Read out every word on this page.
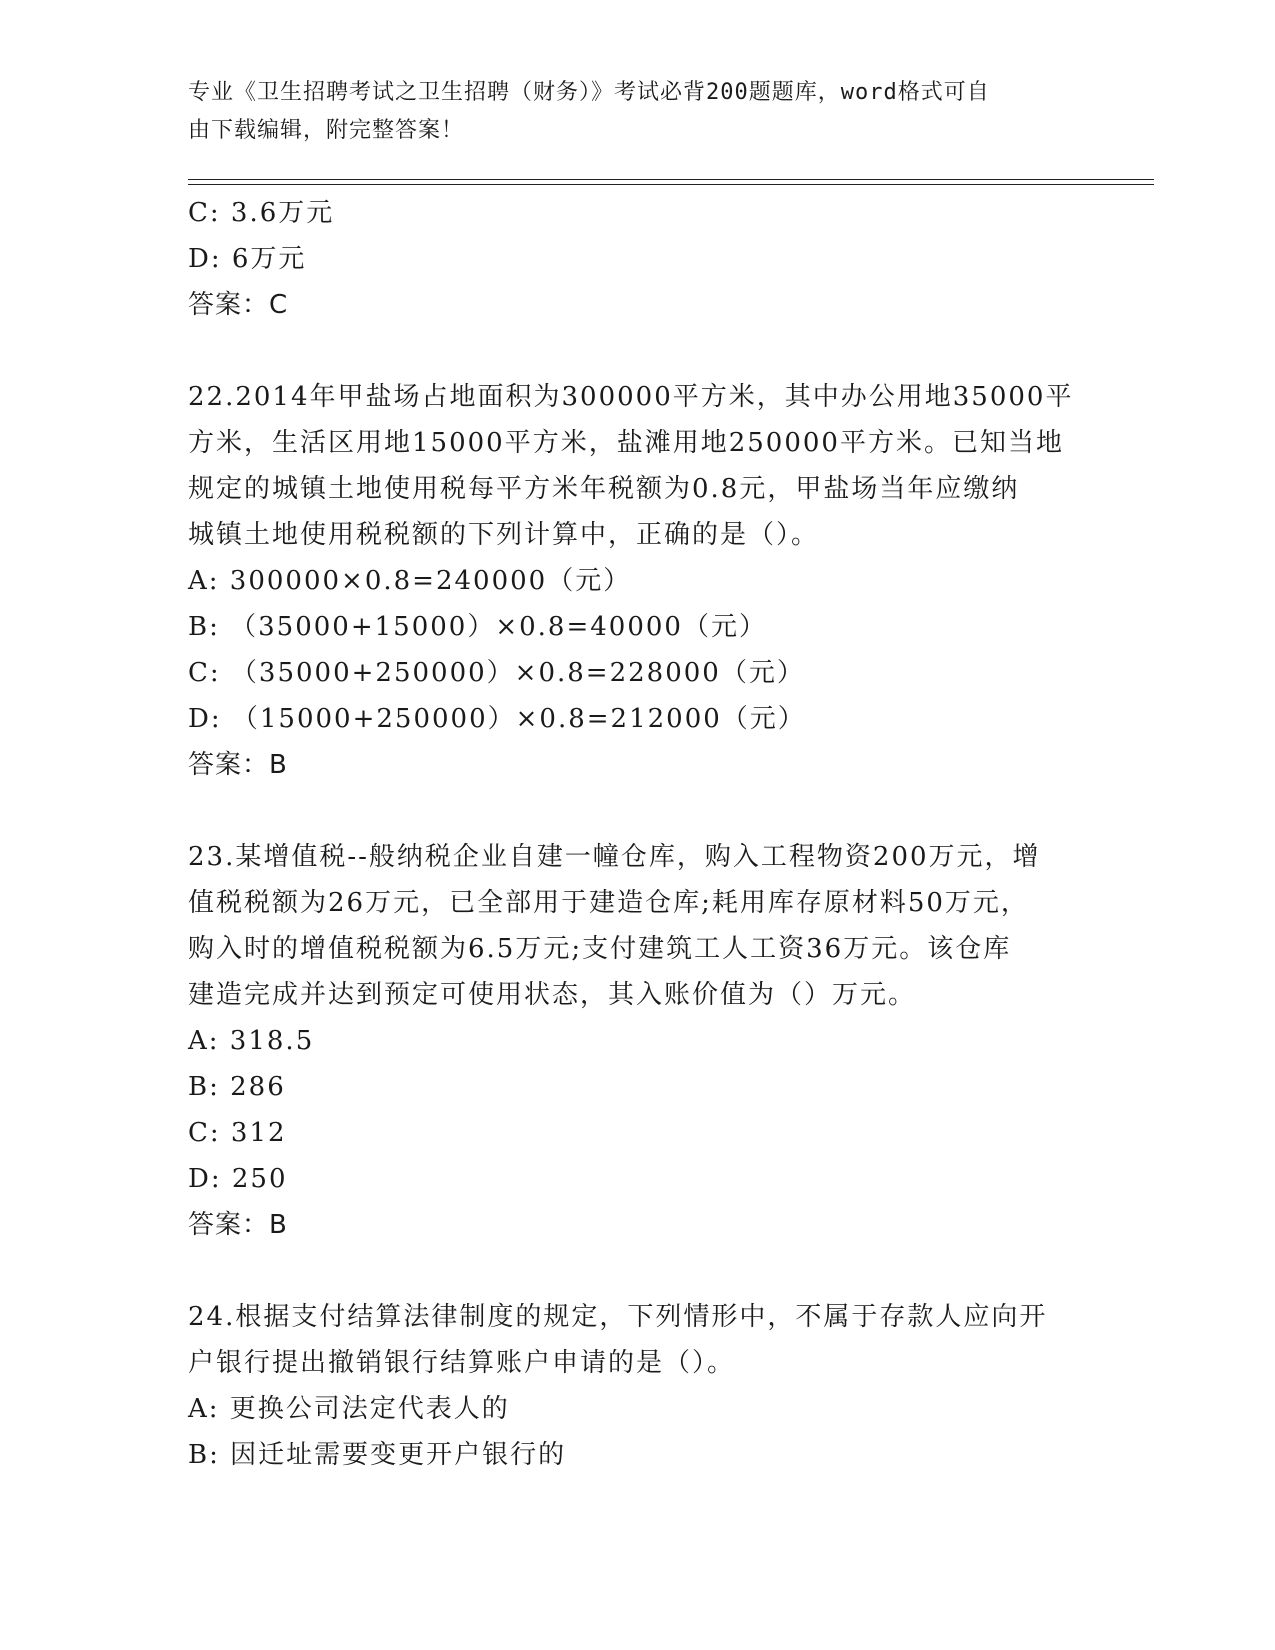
专业《卫生招聘考试之卫生招聘（财务）》考试必背200题题库，word格式可自
由下载编辑，附完整答案！
C: 3.6万元
D: 6万元
答案：C
22.2014年甲盐场占地面积为300000平方米，其中办公用地35000平
方米，生活区用地15000平方米，盐滩用地250000平方米。已知当地
规定的城镇土地使用税每平方米年税额为0.8元，甲盐场当年应缴纳
城镇土地使用税税额的下列计算中，正确的是（）。
A: 300000×0.8=240000（元）
B: （35000+15000）×0.8=40000（元）
C: （35000+250000）×0.8=228000（元）
D: （15000+250000）×0.8=212000（元）
答案：B
23.某增值税--般纳税企业自建一幢仓库，购入工程物资200万元，增
值税税额为26万元，已全部用于建造仓库;耗用库存原材料50万元，
购入时的增值税税额为6.5万元;支付建筑工人工资36万元。该仓库
建造完成并达到预定可使用状态，其入账价值为（）万元。
A: 318.5
B: 286
C: 312
D: 250
答案：B
24.根据支付结算法律制度的规定，下列情形中，不属于存款人应向开
户银行提出撤销银行结算账户申请的是（）。
A: 更换公司法定代表人的
B: 因迁址需要变更开户银行的
